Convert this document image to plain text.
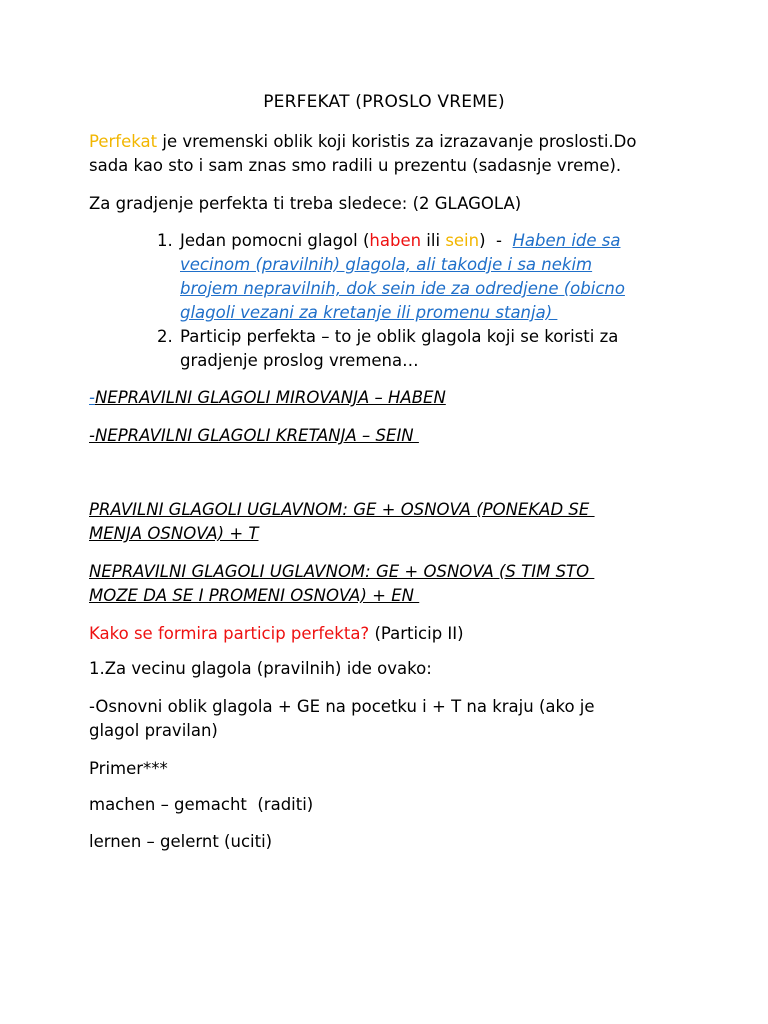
PERFEKAT (PROSLO VREME)
Perfekat je vremenski oblik koji koristis za izrazavanje proslosti.Do
sada kao sto i sam znas smo radili u prezentu (sadasnje vreme).
Za gradjenje perfekta ti treba sledece: (2 GLAGOLA)
1. Jedan pomocni glagol (haben ili sein)  -  Haben ide sa
vecinom (pravilnih) glagola, ali takodje i sa nekim
brojem nepravilnih, dok sein ide za odredjene (obicno
glagoli vezani za kretanje ili promenu stanja)
2. Particip perfekta – to je oblik glagola koji se koristi za
gradjenje proslog vremena…
-NEPRAVILNI GLAGOLI MIROVANJA – HABEN
-NEPRAVILNI GLAGOLI KRETANJA – SEIN
PRAVILNI GLAGOLI UGLAVNOM: GE + OSNOVA (PONEKAD SE
MENJA OSNOVA) + T
NEPRAVILNI GLAGOLI UGLAVNOM: GE + OSNOVA (S TIM STO
MOZE DA SE I PROMENI OSNOVA) + EN
Kako se formira particip perfekta? (Particip II)
1.Za vecinu glagola (pravilnih) ide ovako:
-Osnovni oblik glagola + GE na pocetku i + T na kraju (ako je
glagol pravilan)
Primer***
machen – gemacht  (raditi)
lernen – gelernt (uciti)
